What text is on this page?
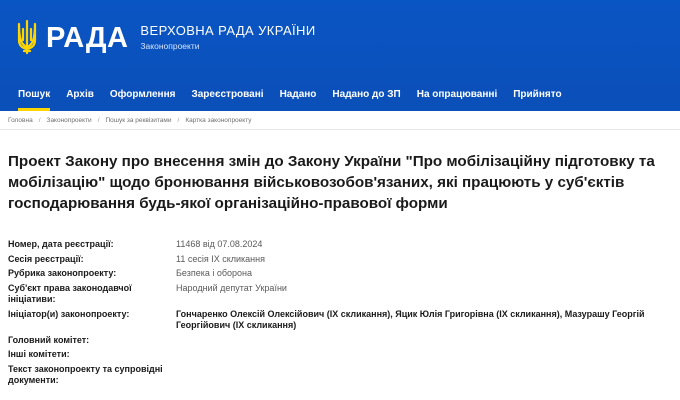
РАДА ВЕРХОВНА РАДА УКРАЇНИ
Законопроекти
Пошук	Архів	Оформлення	Зареєстровані	Надано	Надано до ЗП	На опрацюванні	Прийнято
Головна / Законопроекти / Пошук за реквізитами / Картка законопроекту
Проект Закону про внесення змін до Закону України "Про мобілізаційну підготовку та мобілізацію" щодо бронювання військовозобов'язаних, які працюють у суб'єктів господарювання будь-якої організаційно-правової форми
Номер, дата реєстрації:	11468 від 07.08.2024
Сесія реєстрації:	11 сесія IX скликання
Рубрика законопроекту:	Безпека і оборона
Суб'єкт права законодавчої ініціативи:
Народний депутат України
Ініціатор(и) законопроекту:	Гончаренко Олексій Олексійович (IX скликання), Яцик Юлія Григорівна (IX скликання), Мазурашу Георгій Георгійович (IX скликання)
Головний комітет:
Інші комітети:
Текст законопроекту та супровідні документи:
